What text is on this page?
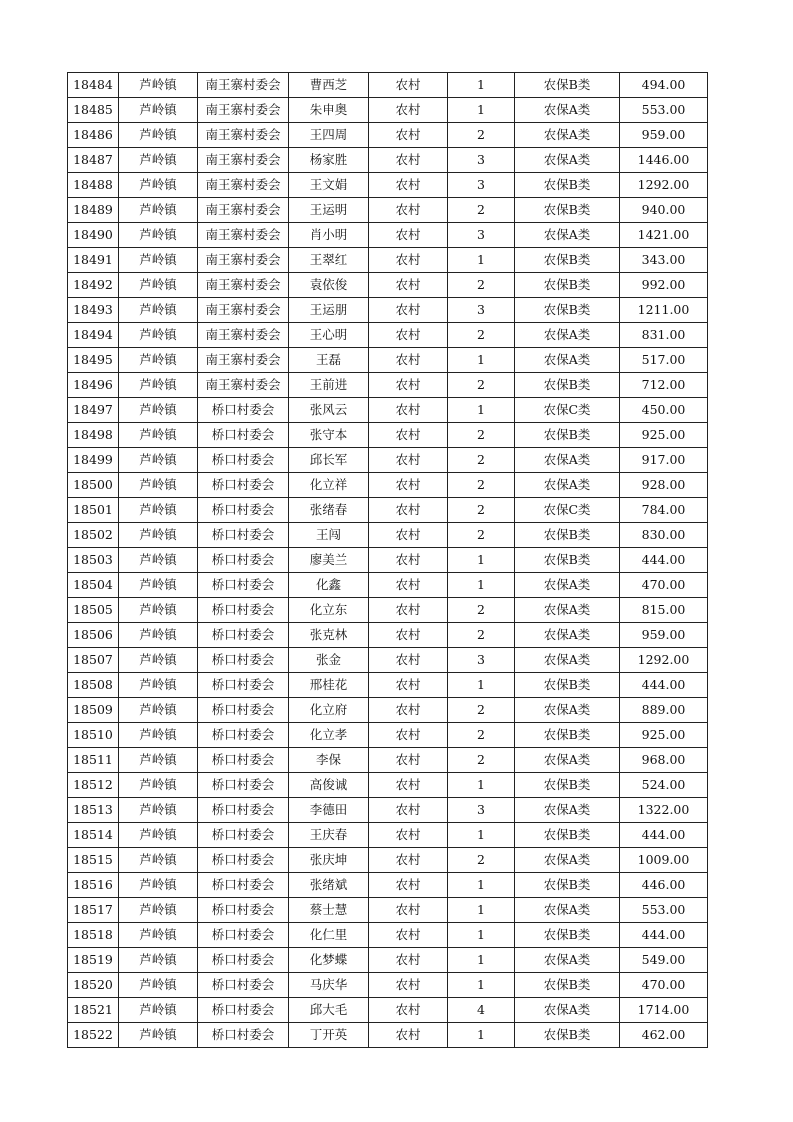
18484	芦岭镇	南王寨村委会	曹西芝	农村	1	农保B类	494.00
18485	芦岭镇	南王寨村委会	朱申奥	农村	1	农保A类	553.00
18486	芦岭镇	南王寨村委会	王四周	农村	2	农保A类	959.00
18487	芦岭镇	南王寨村委会	杨家胜	农村	3	农保A类	1446.00
18488	芦岭镇	南王寨村委会	王文娟	农村	3	农保B类	1292.00
18489	芦岭镇	南王寨村委会	王运明	农村	2	农保B类	940.00
18490	芦岭镇	南王寨村委会	肖小明	农村	3	农保A类	1421.00
18491	芦岭镇	南王寨村委会	王翠红	农村	1	农保B类	343.00
18492	芦岭镇	南王寨村委会	袁依俊	农村	2	农保B类	992.00
18493	芦岭镇	南王寨村委会	王运朋	农村	3	农保B类	1211.00
18494	芦岭镇	南王寨村委会	王心明	农村	2	农保A类	831.00
18495	芦岭镇	南王寨村委会	王磊	农村	1	农保A类	517.00
18496	芦岭镇	南王寨村委会	王前进	农村	2	农保B类	712.00
18497	芦岭镇	桥口村委会	张风云	农村	1	农保C类	450.00
18498	芦岭镇	桥口村委会	张守本	农村	2	农保B类	925.00
18499	芦岭镇	桥口村委会	邱长军	农村	2	农保A类	917.00
18500	芦岭镇	桥口村委会	化立祥	农村	2	农保A类	928.00
18501	芦岭镇	桥口村委会	张绪春	农村	2	农保C类	784.00
18502	芦岭镇	桥口村委会	王闯	农村	2	农保B类	830.00
18503	芦岭镇	桥口村委会	廖美兰	农村	1	农保B类	444.00
18504	芦岭镇	桥口村委会	化鑫	农村	1	农保A类	470.00
18505	芦岭镇	桥口村委会	化立东	农村	2	农保A类	815.00
18506	芦岭镇	桥口村委会	张克林	农村	2	农保A类	959.00
18507	芦岭镇	桥口村委会	张金	农村	3	农保A类	1292.00
18508	芦岭镇	桥口村委会	邢桂花	农村	1	农保B类	444.00
18509	芦岭镇	桥口村委会	化立府	农村	2	农保A类	889.00
18510	芦岭镇	桥口村委会	化立孝	农村	2	农保B类	925.00
18511	芦岭镇	桥口村委会	李保	农村	2	农保A类	968.00
18512	芦岭镇	桥口村委会	高俊诚	农村	1	农保B类	524.00
18513	芦岭镇	桥口村委会	李德田	农村	3	农保A类	1322.00
18514	芦岭镇	桥口村委会	王庆春	农村	1	农保B类	444.00
18515	芦岭镇	桥口村委会	张庆坤	农村	2	农保A类	1009.00
18516	芦岭镇	桥口村委会	张绪斌	农村	1	农保B类	446.00
18517	芦岭镇	桥口村委会	蔡士慧	农村	1	农保A类	553.00
18518	芦岭镇	桥口村委会	化仁里	农村	1	农保B类	444.00
18519	芦岭镇	桥口村委会	化梦蝶	农村	1	农保A类	549.00
18520	芦岭镇	桥口村委会	马庆华	农村	1	农保B类	470.00
18521	芦岭镇	桥口村委会	邱大毛	农村	4	农保A类	1714.00
18522	芦岭镇	桥口村委会	丁开英	农村	1	农保B类	462.00
